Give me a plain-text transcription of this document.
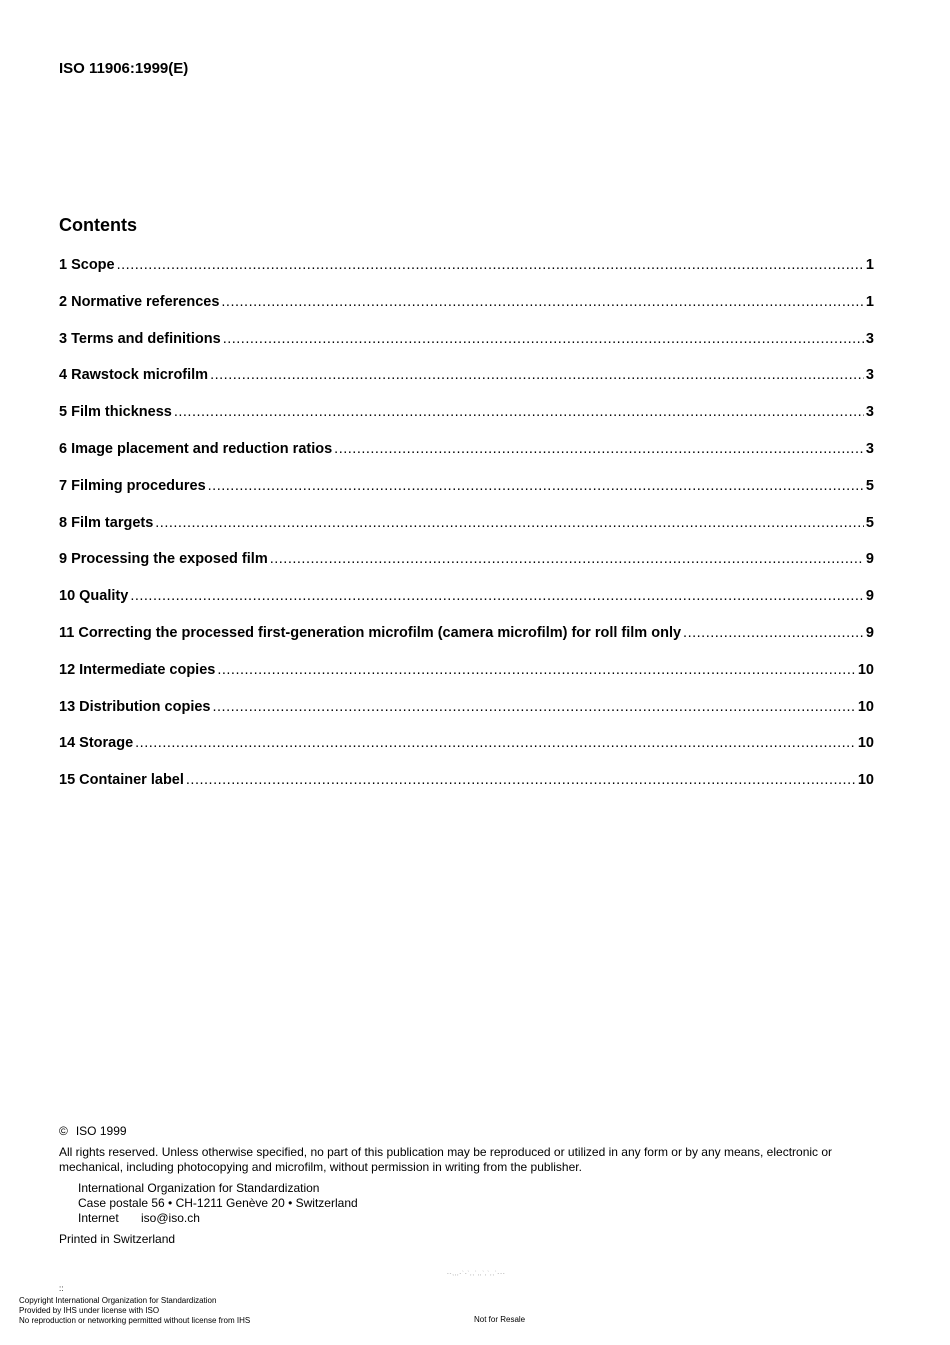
ISO 11906:1999(E)
Contents
1 Scope .....	1
2 Normative references .....	1
3 Terms and definitions .....	3
4 Rawstock microfilm .....	3
5 Film thickness .....	3
6 Image placement and reduction ratios .....	3
7 Filming procedures .....	5
8 Film targets .....	5
9 Processing the exposed film .....	9
10 Quality .....	9
11 Correcting the processed first-generation microfilm (camera microfilm) for roll film only .....	9
12 Intermediate copies .....	10
13 Distribution copies .....	10
14 Storage .....	10
15 Container label .....	10

© ISO 1999

All rights reserved. Unless otherwise specified, no part of this publication may be reproduced or utilized in any form or by any means, electronic or mechanical, including photocopying and microfilm, without permission in writing from the publisher.

International Organization for Standardization
Case postale 56 • CH-1211 Genève 20 • Switzerland
Internet iso@iso.ch

Printed in Switzerland

--,,,-`-`,,`,,`,`,,`---
::
Copyright International Organization for Standardization
Provided by IHS under license with ISO
No reproduction or networking permitted without license from IHS	Not for Resale
